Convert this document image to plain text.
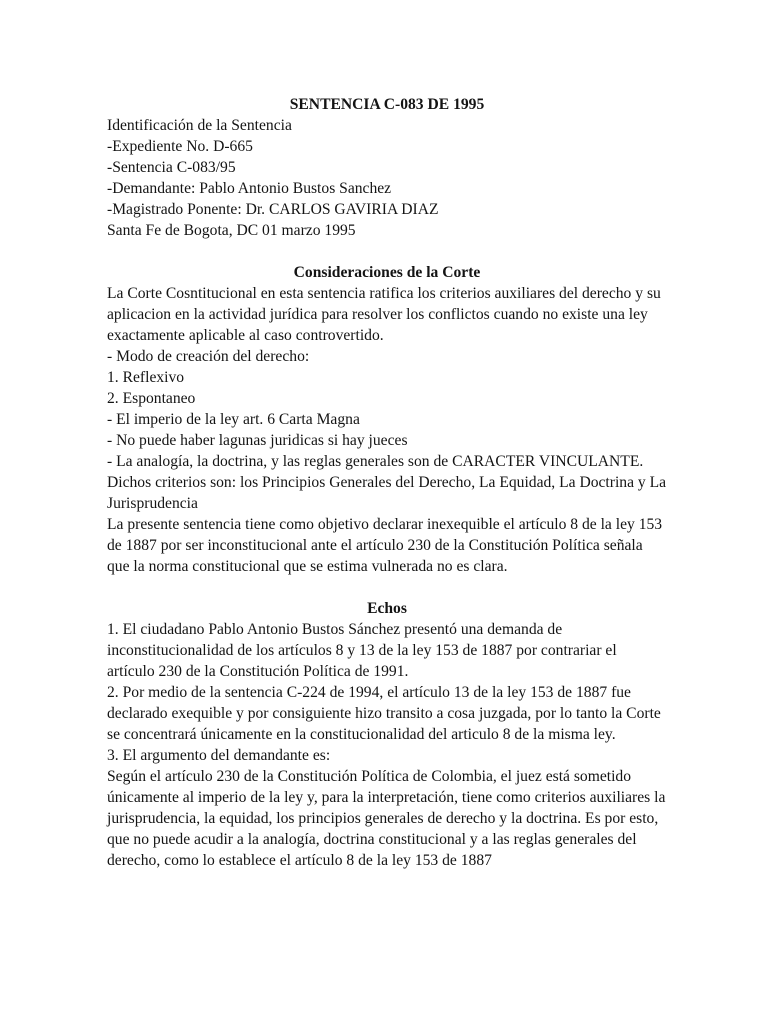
SENTENCIA C-083 DE 1995

Identificación de la Sentencia

-Expediente No. D-665

-Sentencia C-083/95

-Demandante: Pablo Antonio Bustos Sanchez

-Magistrado Ponente: Dr. CARLOS GAVIRIA DIAZ

Santa Fe de Bogota, DC 01 marzo 1995

Consideraciones de la Corte

La Corte Cosntitucional en esta sentencia ratifica los criterios auxiliares del derecho y su aplicacion en la actividad jurídica para resolver los conflictos cuando no existe una ley exactamente aplicable al caso controvertido.

- Modo de creación del derecho:

1. Reflexivo

2. Espontaneo

- El imperio de la ley art. 6 Carta Magna

- No puede haber lagunas juridicas si hay jueces

- La analogía, la doctrina, y las reglas generales son de CARACTER VINCULANTE.

Dichos criterios son: los Principios Generales del Derecho, La Equidad, La Doctrina y La Jurisprudencia

La presente sentencia tiene como objetivo declarar inexequible el artículo 8 de la ley 153 de 1887 por ser inconstitucional ante el artículo 230 de la Constitución Política señala que la norma constitucional que se estima vulnerada no es clara.

Echos

1. El ciudadano Pablo Antonio Bustos Sánchez presentó una demanda de inconstitucionalidad de los artículos 8 y 13 de la ley 153 de 1887 por contrariar el artículo 230 de la Constitución Política de 1991.

2. Por medio de la sentencia C-224 de 1994, el artículo 13 de la ley 153 de 1887 fue declarado exequible y por consiguiente hizo transito a cosa juzgada, por lo tanto la Corte se concentrará únicamente en la constitucionalidad del articulo 8 de la misma ley.

3. El argumento del demandante es:

Según el artículo 230 de la Constitución Política de Colombia, el juez está sometido únicamente al imperio de la ley y, para la interpretación, tiene como criterios auxiliares la jurisprudencia, la equidad, los principios generales de derecho y la doctrina. Es por esto, que no puede acudir a la analogía, doctrina constitucional y a las reglas generales del derecho, como lo establece el artículo 8 de la ley 153 de 1887
